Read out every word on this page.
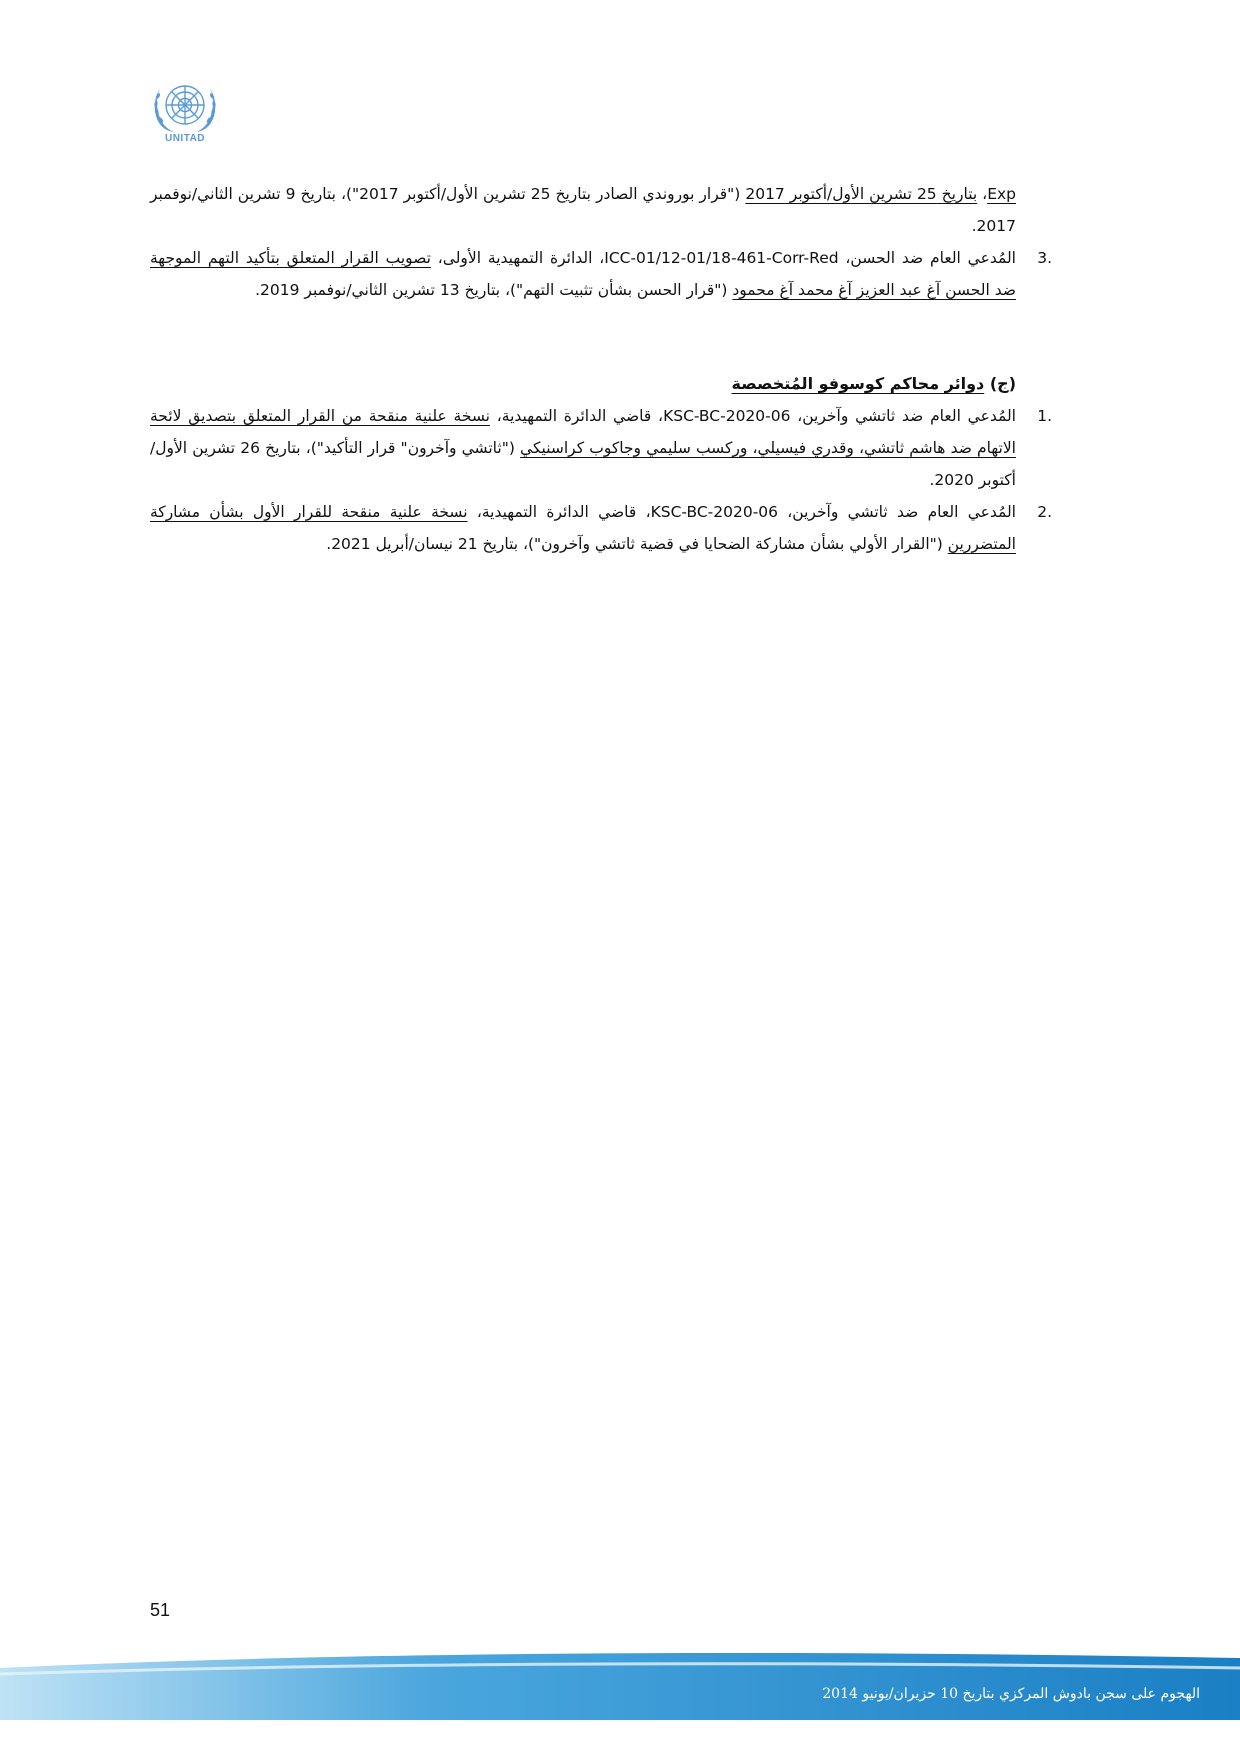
UNITAD

Exp، بتاريخ 25 تشرين الأول/أكتوبر 2017 ("قرار بوروندي الصادر بتاريخ 25 تشرين الأول/أكتوبر 2017")، بتاريخ 9 تشرين الثاني/نوفمبر 2017.

3.
المُدعي العام ضد الحسن، ICC-01/12-01/18-461-Corr-Red، الدائرة التمهيدية الأولى، تصويب القرار المتعلق بتأكيد التهم الموجهة ضد الحسن آغ عبد العزيز آغ محمد آغ محمود ("قرار الحسن بشأن تثبيت التهم")، بتاريخ 13 تشرين الثاني/نوفمبر 2019.

(ج) دوائر محاكم كوسوفو المُتخصصة

1.
المُدعي العام ضد ثاتشي وآخرين، KSC-BC-2020-06، قاضي الدائرة التمهيدية، نسخة علنية منقحة من القرار المتعلق بتصديق لائحة الاتهام ضد هاشم ثاتشي، وقدري فيسيلي، وركسب سليمي وجاكوب كراسنيكي ("ثاتشي وآخرون" قرار التأكيد")، بتاريخ 26 تشرين الأول/أكتوبر 2020.

2.
المُدعي العام ضد ثاتشي وآخرين، KSC-BC-2020-06، قاضي الدائرة التمهيدية، نسخة علنية منقحة للقرار الأول بشأن مشاركة المتضررين ("القرار الأولي بشأن مشاركة الضحايا في قضية ثاتشي وآخرون")، بتاريخ 21 نيسان/أبريل 2021.

51
الهجوم على سجن بادوش المركزي بتاريخ 10 حزيران/يونيو 2014
